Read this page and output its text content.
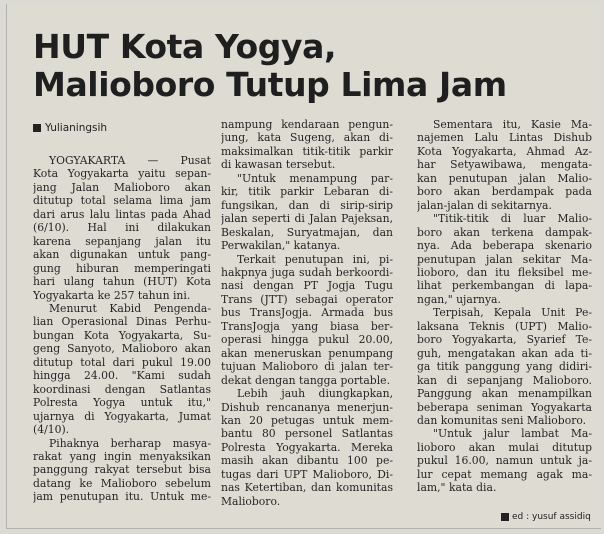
HUT Kota Yogya,
Malioboro Tutup Lima Jam
Yulianingsih
YOGYAKARTA — Pusat
Kota Yogyakarta yaitu sepan-
jang Jalan Malioboro akan
ditutup total selama lima jam
dari arus lalu lintas pada Ahad
(6/10). Hal ini dilakukan
karena sepanjang jalan itu
akan digunakan untuk pang-
gung hiburan memperingati
hari ulang tahun (HUT) Kota
Yogyakarta ke 257 tahun ini.
Menurut Kabid Pengenda-
lian Operasional Dinas Perhu-
bungan Kota Yogyakarta, Su-
geng Sanyoto, Malioboro akan
ditutup total dari pukul 19.00
hingga 24.00. "Kami sudah
koordinasi dengan Satlantas
Polresta Yogya untuk itu,"
ujarnya di Yogyakarta, Jumat
(4/10).
Pihaknya berharap masya-
rakat yang ingin menyaksikan
panggung rakyat tersebut bisa
datang ke Malioboro sebelum
jam penutupan itu. Untuk me-
nampung kendaraan pengun-
jung, kata Sugeng, akan di-
maksimalkan titik-titik parkir
di kawasan tersebut.
"Untuk menampung par-
kir, titik parkir Lebaran di-
fungsikan, dan di sirip-sirip
jalan seperti di Jalan Pajeksan,
Beskalan, Suryatmajan, dan
Perwakilan," katanya.
Terkait penutupan ini, pi-
hakpnya juga sudah berkoordi-
nasi dengan PT Jogja Tugu
Trans (JTT) sebagai operator
bus TransJogja. Armada bus
TransJogja yang biasa ber-
operasi hingga pukul 20.00,
akan meneruskan penumpang
tujuan Malioboro di jalan ter-
dekat dengan tangga portable.
Lebih jauh diungkapkan,
Dishub rencananya menerjun-
kan 20 petugas untuk mem-
bantu 80 personel Satlantas
Polresta Yogyakarta. Mereka
masih akan dibantu 100 pe-
tugas dari UPT Malioboro, Di-
nas Ketertiban, dan komunitas
Malioboro.
Sementara itu, Kasie Ma-
najemen Lalu Lintas Dishub
Kota Yogyakarta, Ahmad Az-
har Setyawibawa, mengata-
kan penutupan jalan Malio-
boro akan berdampak pada
jalan-jalan di sekitarnya.
"Titik-titik di luar Malio-
boro akan terkena dampak-
nya. Ada beberapa skenario
penutupan jalan sekitar Ma-
lioboro, dan itu fleksibel me-
lihat perkembangan di lapa-
ngan," ujarnya.
Terpisah, Kepala Unit Pe-
laksana Teknis (UPT) Malio-
boro Yogyakarta, Syarief Te-
guh, mengatakan akan ada ti-
ga titik panggung yang didiri-
kan di sepanjang Malioboro.
Panggung akan menampilkan
beberapa seniman Yogyakarta
dan komunitas seni Malioboro.
"Untuk jalur lambat Ma-
lioboro akan mulai ditutup
pukul 16.00, namun untuk ja-
lur cepat memang agak ma-
lam," kata dia.
ed : yusuf assidiq
